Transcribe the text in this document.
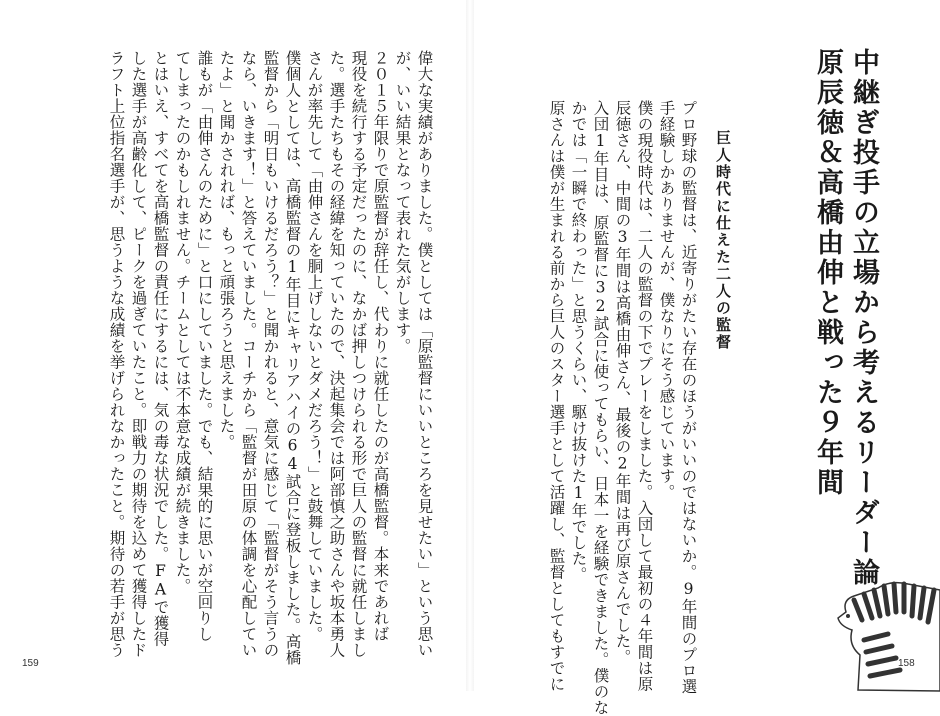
中継ぎ投手の立場から考えるリーダー論
原辰徳＆高橋由伸と戦った９年間
巨人時代に仕えた二人の監督
プロ野球の監督は、近寄りがたい存在のほうがいいのではないか。9年間のプロ選
手経験しかありませんが、僕なりにそう感じています。
僕の現役時代は、二人の監督の下でプレーをしました。入団して最初の４年間は原
辰徳さん、中間の3年間は高橋由伸さん、最後の2年間は再び原さんでした。
入団1年目は、原監督に32試合に使ってもらい、日本一を経験できました。僕のな
かでは「一瞬で終わった」と思うくらい、駆け抜けた1年でした。
原さんは僕が生まれる前から巨人のスター選手として活躍し、監督としてもすでに	158
偉大な実績がありました。僕としては「原監督にいいところを見せたい」という思い
が、いい結果となって表れた気がします。
２０１５年限りで原監督が辞任し、代わりに就任したのが高橋監督。本来であれば
現役を続行する予定だったのに、なかば押しつけられる形で巨人の監督に就任しまし
た。選手たちもその経緯を知っていたので、決起集会では阿部慎之助さんや坂本勇人
さんが率先して「由伸さんを胴上げしないとダメだろう！」と鼓舞していました。
僕個人としては、高橋監督の1年目にキャリアハイの64試合に登板しました。高橋
監督から「明日もいけるだろう？」と聞かれると、意気に感じて「監督がそう言うの
なら、いきます！」と答えていました。コーチから「監督が田原の体調を心配してい
たよ」と聞かされれば、もっと頑張ろうと思えました。
誰もが「由伸さんのために」と口にしていました。でも、結果的に思いが空回りし
てしまったのかもしれません。チームとしては不本意な成績が続きました。
とはいえ、すべてを高橋監督の責任にするには、気の毒な状況でした。FAで獲得
した選手が高齢化して、ピークを過ぎていたこと。即戦力の期待を込めて獲得したド
ラフト上位指名選手が、思うような成績を挙げられなかったこと。期待の若手が思う
159
